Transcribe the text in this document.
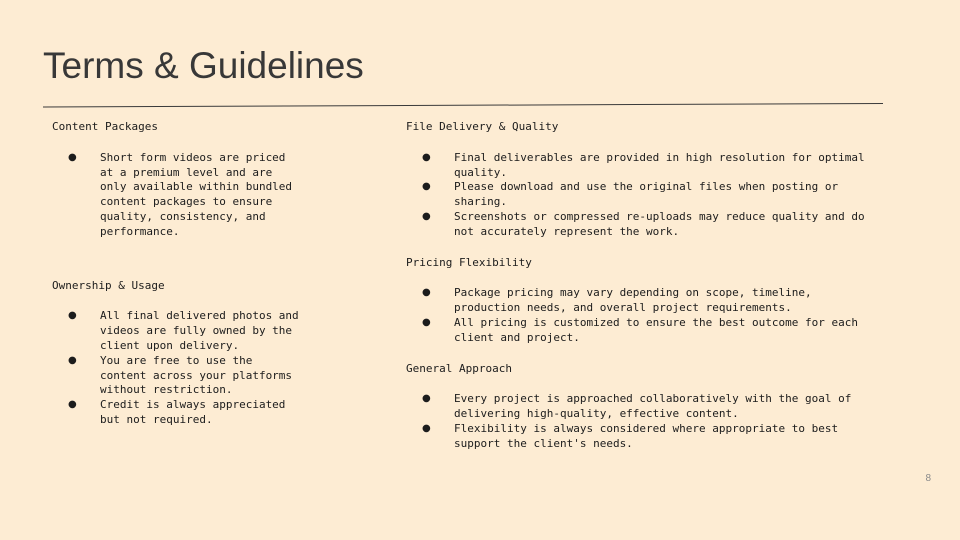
Terms & Guidelines

Content Packages

● Short form videos are priced at a premium level and are only available within bundled content packages to ensure quality, consistency, and performance.

Ownership & Usage

● All final delivered photos and videos are fully owned by the client upon delivery.
● You are free to use the content across your platforms without restriction.
● Credit is always appreciated but not required.

File Delivery & Quality

● Final deliverables are provided in high resolution for optimal quality.
● Please download and use the original files when posting or sharing.
● Screenshots or compressed re-uploads may reduce quality and do not accurately represent the work.

Pricing Flexibility

● Package pricing may vary depending on scope, timeline, production needs, and overall project requirements.
● All pricing is customized to ensure the best outcome for each client and project.

General Approach

● Every project is approached collaboratively with the goal of delivering high-quality, effective content.
● Flexibility is always considered where appropriate to best support the client's needs.
8
